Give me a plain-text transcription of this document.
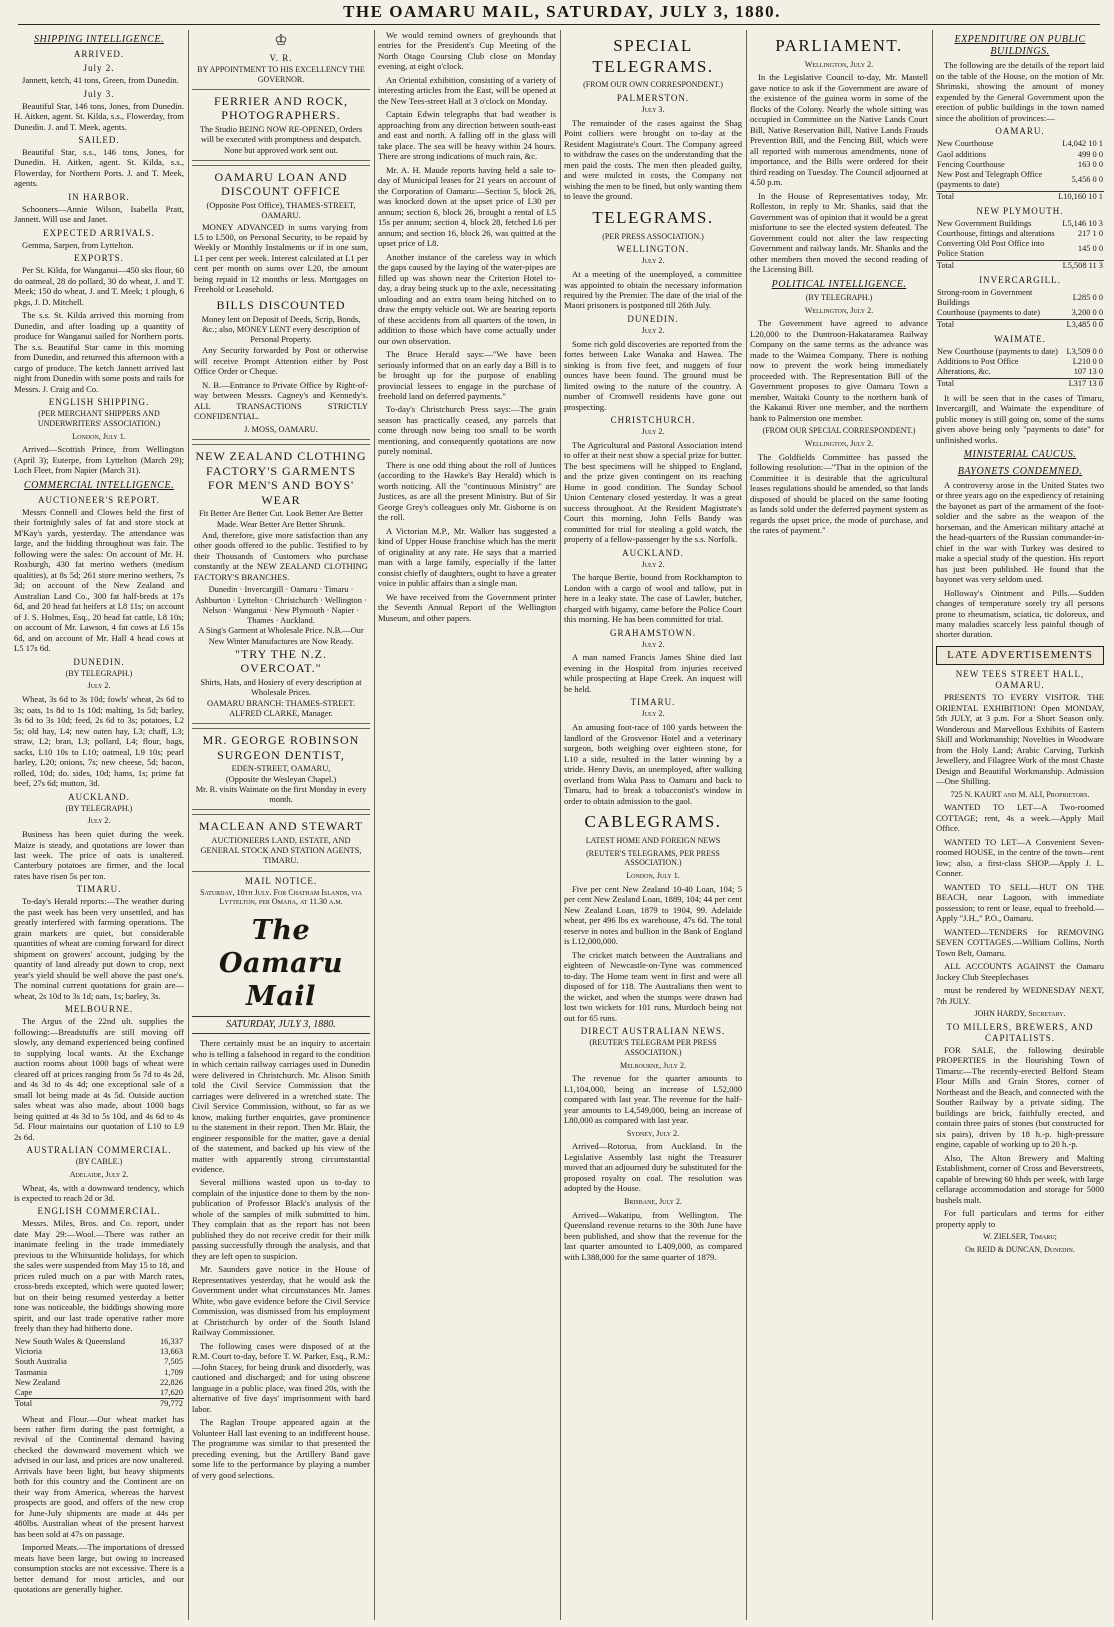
THE OAMARU MAIL, SATURDAY, JULY 3, 1880.
SHIPPING INTELLIGENCE.
ARRIVED.
July 2.
Jannett, ketch, 41 tons, Green, from Dunedin.
July 3.
Beautiful Star, 146 tons, Jones, from Dunedin. H. Aitken, agent. St. Kilda, s.s., Flowerday, from Dunedin. J. and T. Meek, agents.
SAILED.
Beautiful Star, s.s., 146 tons, Jones, for Dunedin. H. Aitken, agent. St. Kilda, s.s., Flowerday, for Northern Ports. J. and T. Meek, agents.
IN HARBOR.
Schooners—Annie Wilson, Isabella Pratt, Jannett. Will use and Janet.
EXPECTED ARRIVALS.
Gemma, Sarpen, from Lyttelton.
EXPORTS.
Per St. Kilda, for Wanganui—450 sks flour, 60 do oatmeal, 28 do pollard, 30 do wheat, J. and T. Meek; 150 do wheat, J. and T. Meek; 1 plough, 6 pkgs, J. D. Mitchell.
The s.s. St. Kilda arrived this morning from Dunedin, and after loading up a quantity of produce for Wanganui sailed for Northern ports. The s.s. Beautiful Star came in this morning from Dunedin, and returned this afternoon with a cargo of produce. The ketch Jannett arrived last night from Dunedin with some posts and rails for Messrs. J. Craig and Co.
ENGLISH SHIPPING.
(PER MERCHANT SHIPPERS AND UNDERWRITERS' ASSOCIATION.)
London, July 1.
Arrived—Scottish Prince, from Wellington (April 3); Euterpe, from Lyttelton (March 29); Loch Fleet, from Napier (March 31).
COMMERCIAL INTELLIGENCE.
AUCTIONEER'S REPORT.
Messrs Connell and Clowes held the first of their fortnightly sales of fat and store stock at M'Kay's yards, yesterday. The attendance was large, and the bidding throughout was fair. The following were the sales: On account of Mr. H. Roxburgh, 430 fat merino wethers (medium qualities), at 8s 5d; 261 store merino wethers, 7s 3d; on account of the New Zealand and Australian Land Co., 300 fat half-breds at 17s 6d, and 20 head fat heifers at L8 11s; on account of J. S. Holmes, Esq., 20 head fat cattle, L8 10s; on account of Mr. Lawson, 4 fat cows at L6 15s 6d, and on account of Mr. Hall 4 head cows at L5 17s 6d.
DUNEDIN.
(BY TELEGRAPH.)
July 2.
Wheat, 3s 6d to 3s 10d; fowls' wheat, 2s 6d to 3s; oats, 1s 8d to 1s 10d; malting, 1s 5d; barley, 3s 6d to 3s 10d; feed, 2s 6d to 3s; potatoes, L2 5s; old hay, L4; new oaten hay, L3; chaff, L3; straw, L2; bran, L3; pollard, L4; flour, bags, sacks, L10 10s to L10; oatmeal, L9 10s; pearl barley, L20; onions, 7s; new cheese, 5d; bacon, rolled, 10d; do. sides, 10d; hams, 1s; prime fat beef, 27s 6d; mutton, 3d.
AUCKLAND.
(BY TELEGRAPH.)
July 2.
Business has been quiet during the week. Maize is steady, and quotations are lower than last week. The price of oats is unaltered. Canterbury potatoes are firmer, and the local rates have risen 5s per ton.
TIMARU.
To-day's Herald reports:—The weather during the past week has been very unsettled, and has greatly interfered with farming operations. The grain markets are quiet, but considerable quantities of wheat are coming forward for direct shipment on growers' account, judging by the quantity of land already put down to crop, next year's yield should be well above the past one's. The nominal current quotations for grain are—wheat, 2s 10d to 3s 1d; oats, 1s; barley, 3s.
MELBOURNE.
The Argus of the 22nd ult. supplies the following:—Breadstuffs are still moving off slowly, any demand experienced being confined to supplying local wants. At the Exchange auction rooms about 1000 bags of wheat were cleared off at prices ranging from 5s 7d to 4s 2d, and 4s 3d to 4s 4d; one exceptional sale of a small lot being made at 4s 5d. Outside auction sales wheat was also made, about 1000 bags being quitted at 4s 3d to 5s 10d, and 4s 6d to 4s 5d. Flour maintains our quotation of L10 to L9 2s 6d.
AUSTRALIAN COMMERCIAL.
(BY CABLE.)
Adelaide, July 2.
Wheat, 4s, with a downward tendency, which is expected to reach 2d or 3d.
ENGLISH COMMERCIAL.
Messrs. Miles, Bros. and Co. report, under date May 29:—Wool.—There was rather an inanimate feeling in the trade immediately previous to the Whitsuntide holidays, for which the sales were suspended from May 15 to 18, and prices ruled much on a par with March rates, cross-breds excepted, which were quoted lower; but on their being resumed yesterday a better tone was noticeable, the biddings showing more spirit, and our last trade operative rather more freely than they had hitherto done.
New South Wales & Queensland	16,337
Victoria	13,663
South Australia	7,505
Tasmania	1,709
New Zealand	22,826
Cape	17,620
Total	79,772
Wheat and Flour.—Our wheat market has been rather firm during the past fortnight, a revival of the Continental demand having checked the downward movement which we advised in our last, and prices are now unaltered. Arrivals have been light, but heavy shipments both for this country and the Continent are on their way from America, whereas the harvest prospects are good, and offers of the new crop for June-July shipments are made at 44s per 480lbs. Australian wheat of the present harvest has been sold at 47s on passage.
Imported Meats.—The importations of dressed meats have been large, but owing to increased consumption stocks are not excessive. There is a better demand for most articles, and our quotations are generally higher.
♔
V. R.
BY APPOINTMENT TO HIS EXCELLENCY THE GOVERNOR.
FERRIER AND ROCK, PHOTOGRAPHERS.
The Studio BEING NOW RE-OPENED, Orders will be executed with promptness and despatch. None but approved work sent out.
OAMARU LOAN AND DISCOUNT OFFICE
(Opposite Post Office), THAMES-STREET, OAMARU.
MONEY ADVANCED in sums varying from L5 to L500, on Personal Security, to be repaid by Weekly or Monthly Instalments or if in one sum, L1 per cent per week. Interest calculated at L1 per cent per month on sums over L20, the amount being repaid in 12 months or less. Mortgages on Freehold or Leasehold.
BILLS DISCOUNTED
Money lent on Deposit of Deeds, Scrip, Bonds, &c.; also, MONEY LENT every description of Personal Property.
Any Security forwarded by Post or otherwise will receive Prompt Attention either by Post Office Order or Cheque.
N. B.—Entrance to Private Office by Right-of-way between Messrs. Cagney's and Kennedy's. ALL TRANSACTIONS STRICTLY CONFIDENTIAL.
J. MOSS, OAMARU.
NEW ZEALAND CLOTHING FACTORY'S GARMENTS FOR MEN'S AND BOYS' WEAR
Fit Better Are Better Cut. Look Better Are Better Made. Wear Better Are Better Shrunk.
And, therefore, give more satisfaction than any other goods offered to the public. Testified to by their Thousands of Customers who purchase constantly at the NEW ZEALAND CLOTHING FACTORY'S BRANCHES.
Dunedin · Invercargill · Oamaru · Timaru · Ashburton · Lyttelton · Christchurch · Wellington · Nelson · Wanganui · New Plymouth · Napier · Thames · Auckland.
A Sing's Garment at Wholesale Price. N.B.—Our New Winter Manufactures are Now Ready.
"TRY THE N.Z. OVERCOAT."
Shirts, Hats, and Hosiery of every description at Wholesale Prices.
OAMARU BRANCH: THAMES-STREET. ALFRED CLARKE, Manager.
MR. GEORGE ROBINSON SURGEON DENTIST,
EDEN-STREET, OAMARU,
(Opposite the Wesleyan Chapel.)
Mr. R. visits Waimate on the first Monday in every month.
MACLEAN AND STEWART
AUCTIONEERS LAND, ESTATE, AND GENERAL STOCK AND STATION AGENTS,
TIMARU.
MAIL NOTICE.
Saturday, 10th July. For Chatham Islands, via Lyttelton, per Omaha, at 11.30 a.m.
The Oamaru Mail
SATURDAY, JULY 3, 1880.
There certainly must be an inquiry to ascertain who is telling a falsehood in regard to the condition in which certain railway carriages used in Dunedin were delivered in Christchurch. Mr. Alison Smith told the Civil Service Commission that the carriages were delivered in a wretched state. The Civil Service Commission, without, so far as we know, making further enquiries, gave prominence to the statement in their report. Then Mr. Blair, the engineer responsible for the matter, gave a denial of the statement, and backed up his view of the matter with apparently strong circumstantial evidence.
Several millions wasted upon us to-day to complain of the injustice done to them by the non-publication of Professor Black's analysis of the whole of the samples of milk submitted to him. They complain that as the report has not been published they do not receive credit for their milk passing successfully through the analysis, and that they are left open to suspicion.
Mr. Saunders gave notice in the House of Representatives yesterday, that he would ask the Government under what circumstances Mr. James White, who gave evidence before the Civil Service Commission, was dismissed from his employment at Christchurch by order of the South Island Railway Commissioner.
The following cases were disposed of at the R.M. Court to-day, before T. W. Parker, Esq., R.M.:—John Stacey, for being drunk and disorderly, was cautioned and discharged; and for using obscene language in a public place, was fined 20s, with the alternative of five days' imprisonment with hard labor.
The Raglan Troupe appeared again at the Volunteer Hall last evening to an indifferent house. The programme was similar to that presented the preceding evening, but the Artillery Band gave some life to the performance by playing a number of very good selections.
We would remind owners of greyhounds that entries for the President's Cup Meeting of the North Otago Coursing Club close on Monday evening, at eight o'clock.
An Oriental exhibition, consisting of a variety of interesting articles from the East, will be opened at the New Tees-street Hall at 3 o'clock on Monday.
Captain Edwin telegraphs that bad weather is approaching from any direction between south-east and east and north. A falling off in the glass will take place. The sea will be heavy within 24 hours. There are strong indications of much rain, &c.
Mr. A. H. Maude reports having held a sale to-day of Municipal leases for 21 years on account of the Corporation of Oamaru:—Section 5, block 26, was knocked down at the upset price of L30 per annum; section 6, block 26, brought a rental of L5 15s per annum; section 4, block 28, fetched L6 per annum; and section 16, block 26, was quitted at the upset price of L8.
Another instance of the careless way in which the gaps caused by the laying of the water-pipes are filled up was shown near the Criterion Hotel to-day, a dray being stuck up to the axle, necessitating unloading and an extra team being hitched on to draw the empty vehicle out. We are hearing reports of these accidents from all quarters of the town, in addition to those which have come actually under our own observation.
The Bruce Herald says:—"We have been seriously informed that on an early day a Bill is to be brought up for the purpose of enabling provincial lessees to engage in the purchase of freehold land on deferred payments."
To-day's Christchurch Press says:—The grain season has practically ceased, any parcels that come through now being too small to be worth mentioning, and consequently quotations are now purely nominal.
There is one odd thing about the roll of Justices (according to the Hawke's Bay Herald) which is worth noticing. All the "continuous Ministry" are Justices, as are all the present Ministry. But of Sir George Grey's colleagues only Mr. Gisborne is on the roll.
A Victorian M.P., Mr. Walker has suggested a kind of Upper House franchise which has the merit of originality at any rate. He says that a married man with a large family, especially if the latter consist chiefly of daughters, ought to have a greater voice in public affairs than a single man.
We have received from the Government printer the Seventh Annual Report of the Wellington Museum, and other papers.
SPECIAL TELEGRAMS.
(FROM OUR OWN CORRESPONDENT.)
PALMERSTON.
July 3.
The remainder of the cases against the Shag Point colliers were brought on to-day at the Resident Magistrate's Court. The Company agreed to withdraw the cases on the understanding that the men paid the costs. The men then pleaded guilty, and were mulcted in costs, the Company not wishing the men to be fined, but only wanting them to leave the ground.
TELEGRAMS.
(PER PRESS ASSOCIATION.)
WELLINGTON.
July 2.
At a meeting of the unemployed, a committee was appointed to obtain the necessary information required by the Premier. The date of the trial of the Maori prisoners is postponed till 26th July.
DUNEDIN.
July 2.
Some rich gold discoveries are reported from the fortes between Lake Wanaka and Hawea. The sinking is from five feet, and nuggets of four ounces have been found. The ground must be limited owing to the nature of the country. A number of Cromwell residents have gone out prospecting.
CHRISTCHURCH.
July 2.
The Agricultural and Pastoral Association intend to offer at their next show a special prize for butter. The best specimens will be shipped to England, and the prize given contingent on its reaching Home in good condition. The Sunday School Union Centenary closed yesterday. It was a great success throughout. At the Resident Magistrate's Court this morning, John Fells Bandy was committed for trial for stealing a gold watch, the property of a fellow-passenger by the s.s. Norfolk.
AUCKLAND.
July 2.
The barque Bertie, bound from Rockhampton to London with a cargo of wool and tallow, put in here in a leaky state. The case of Lawler, butcher, charged with bigamy, came before the Police Court this morning. He has been committed for trial.
GRAHAMSTOWN.
July 2.
A man named Francis James Shine died last evening in the Hospital from injuries received while prospecting at Hape Creek. An inquest will be held.
TIMARU.
July 2.
An amusing foot-race of 100 yards between the landlord of the Grosvenor Hotel and a veterinary surgeon, both weighing over eighteen stone, for L10 a side, resulted in the latter winning by a stride. Henry Davis, an unemployed, after walking overland from Waka Pass to Oamaru and back to Timaru, had to break a tobacconist's window in order to obtain admission to the gaol.
CABLEGRAMS.
LATEST HOME AND FOREIGN NEWS
(REUTER'S TELEGRAMS, PER PRESS ASSOCIATION.)
London, July 1.
Five per cent New Zealand 10-40 Loan, 104; 5 per cent New Zealand Loan, 1889, 104; 44 per cent New Zealand Loan, 1879 to 1904, 99. Adelaide wheat, per 496 lbs ex warehouse, 47s 6d. The total reserve in notes and bullion in the Bank of England is L12,000,000.
The cricket match between the Australians and eighteen of Newcastle-on-Tyne was commenced to-day. The Home team went in first and were all disposed of for 118. The Australians then went to the wicket, and when the stumps were drawn had lost two wickets for 101 runs, Murdoch being not out for 65 runs.
DIRECT AUSTRALIAN NEWS.
(REUTER'S TELEGRAM PER PRESS ASSOCIATION.)
Melbourne, July 2.
The revenue for the quarter amounts to L1,104,000, being an increase of L52,000 compared with last year. The revenue for the half-year amounts to L4,549,000, being an increase of L80,000 as compared with last year.
Sydney, July 2.
Arrived—Rotorua, from Auckland. In the Legislative Assembly last night the Treasurer moved that an adjourned duty be substituted for the proposed royalty on coal. The resolution was adopted by the House.
Brisbane, July 2.
Arrived—Wakatipu, from Wellington. The Queensland revenue returns to the 30th June have been published, and show that the revenue for the last quarter amounted to L409,000, as compared with L388,000 for the same quarter of 1879.
PARLIAMENT.
Wellington, July 2.
In the Legislative Council to-day, Mr. Mantell gave notice to ask if the Government are aware of the existence of the guinea worm in some of the flocks of the Colony. Nearly the whole sitting was occupied in Committee on the Native Lands Court Bill, Native Reservation Bill, Native Lands Frauds Prevention Bill, and the Fencing Bill, which were all reported with numerous amendments, none of importance, and the Bills were ordered for their third reading on Tuesday. The Council adjourned at 4.50 p.m.
In the House of Representatives today, Mr. Rolleston, in reply to Mr. Shanks, said that the Government was of opinion that it would be a great misfortune to see the elected system defeated. The Government could not alter the law respecting Government and railway lands. Mr. Shanks and the other members then moved the second reading of the Licensing Bill.
POLITICAL INTELLIGENCE.
(BY TELEGRAPH.)
Wellington, July 2.
The Government have agreed to advance L20,000 to the Duntroon-Hakataramea Railway Company on the same terms as the advance was made to the Waimea Company. There is nothing now to prevent the work being immediately proceeded with. The Representation Bill of the Government proposes to give Oamaru Town a member, Waitaki County to the northern bank of the Kakanui River one member, and the northern bank to Palmerston one member.
(FROM OUR SPECIAL CORRESPONDENT.)
Wellington, July 2.
The Goldfields Committee has passed the following resolution:—"That in the opinion of the Committee it is desirable that the agricultural leases regulations should be amended, so that lands disposed of should be placed on the same footing as lands sold under the deferred payment system as regards the upset price, the mode of purchase, and the rates of payment."
EXPENDITURE ON PUBLIC BUILDINGS.
The following are the details of the report laid on the table of the House, on the motion of Mr. Shrimski, showing the amount of money expended by the General Government upon the erection of public buildings in the town named since the abolition of provinces:—
OAMARU.
New Courthouse	L4,042 10 1
Gaol additions	499 0 0
Fencing Courthouse	163 0 0
New Post and Telegraph Office (payments to date)	5,456 0 0
Total	L10,160 10 1
NEW PLYMOUTH.
New Government Buildings	L5,146 10 3
Courthouse, fittings and alterations	217 1 0
Converting Old Post Office into Police Station	145 0 0
Total	L5,508 11 3
INVERCARGILL.
Strong-room in Government Buildings	L285 0 0
Courthouse (payments to date)	3,200 0 0
Total	L3,485 0 0
WAIMATE.
New Courthouse (payments to date)	L3,509 0 0
Additions to Post Office	L210 0 0
Alterations, &c.	107 13 0
Total	L317 13 0
It will be seen that in the cases of Timaru, Invercargill, and Waimate the expenditure of public money is still going on, some of the sums given above being only "payments to date" for unfinished works.
MINISTERIAL CAUCUS.
BAYONETS CONDEMNED.
A controversy arose in the United States two or three years ago on the expediency of retaining the bayonet as part of the armament of the foot-soldier and the sabre as the weapon of the horseman, and the American military attaché at the head-quarters of the Russian commander-in-chief in the war with Turkey was desired to make a special study of the question. His report has just been published. He found that the bayonet was very seldom used.
Holloway's Ointment and Pills.—Sudden changes of temperature sorely try all persons prone to rheumatism, sciatica, tic doloreux, and many maladies scarcely less painful though of shorter duration.
LATE ADVERTISEMENTS
NEW TEES STREET HALL, OAMARU.
PRESENTS TO EVERY VISITOR. THE ORIENTAL EXHIBITION! Open MONDAY, 5th JULY, at 3 p.m. For a Short Season only. Wonderous and Marvellous Exhibits of Eastern Skill and Workmanship; Novelties in Woodware from the Holy Land; Arabic Carving, Turkish Jewellery, and Filagree Work of the most Chaste Design and Beautiful Workmanship. Admission—One Shilling.
725 N. KAURT and M. ALI, Proprietors.
WANTED TO LET—A Two-roomed COTTAGE; rent, 4s a week.—Apply Mail Office.
WANTED TO LET—A Convenient Seven-roomed HOUSE, in the centre of the town—rent low; also, a first-class SHOP.—Apply J. L. Conner.
WANTED TO SELL—HUT ON THE BEACH, near Lagoon, with immediate possession; to rent or lease, equal to freehold.—Apply "J.H.," P.O., Oamaru.
WANTED—TENDERS for REMOVING SEVEN COTTAGES.—William Collins, North Town Belt, Oamaru.
ALL ACCOUNTS AGAINST the Oamaru Jockey Club Steeplechases
must be rendered by WEDNESDAY NEXT, 7th JULY.
JOHN HARDY, Secretary.
TO MILLERS, BREWERS, AND CAPITALISTS.
FOR SALE, the following desirable PROPERTIES in the flourishing Town of Timaru:—The recently-erected Belford Steam Flour Mills and Grain Stores, corner of Northeast and the Beach, and connected with the Souther Railway by a private siding. The buildings are brick, faithfully erected, and contain three pairs of stones (but constructed for six pairs), driven by 18 h.-p. high-pressure engine, capable of working up to 20 h.-p.
Also, The Alton Brewery and Malting Establishment, corner of Cross and Beverstreets, capable of brewing 60 hhds per week, with large cellarage accommodation and storage for 5000 bushels malt.
For full particulars and terms for either property apply to
W. ZIELSER, Timaru;
Or REID & DUNCAN, Dunedin.
